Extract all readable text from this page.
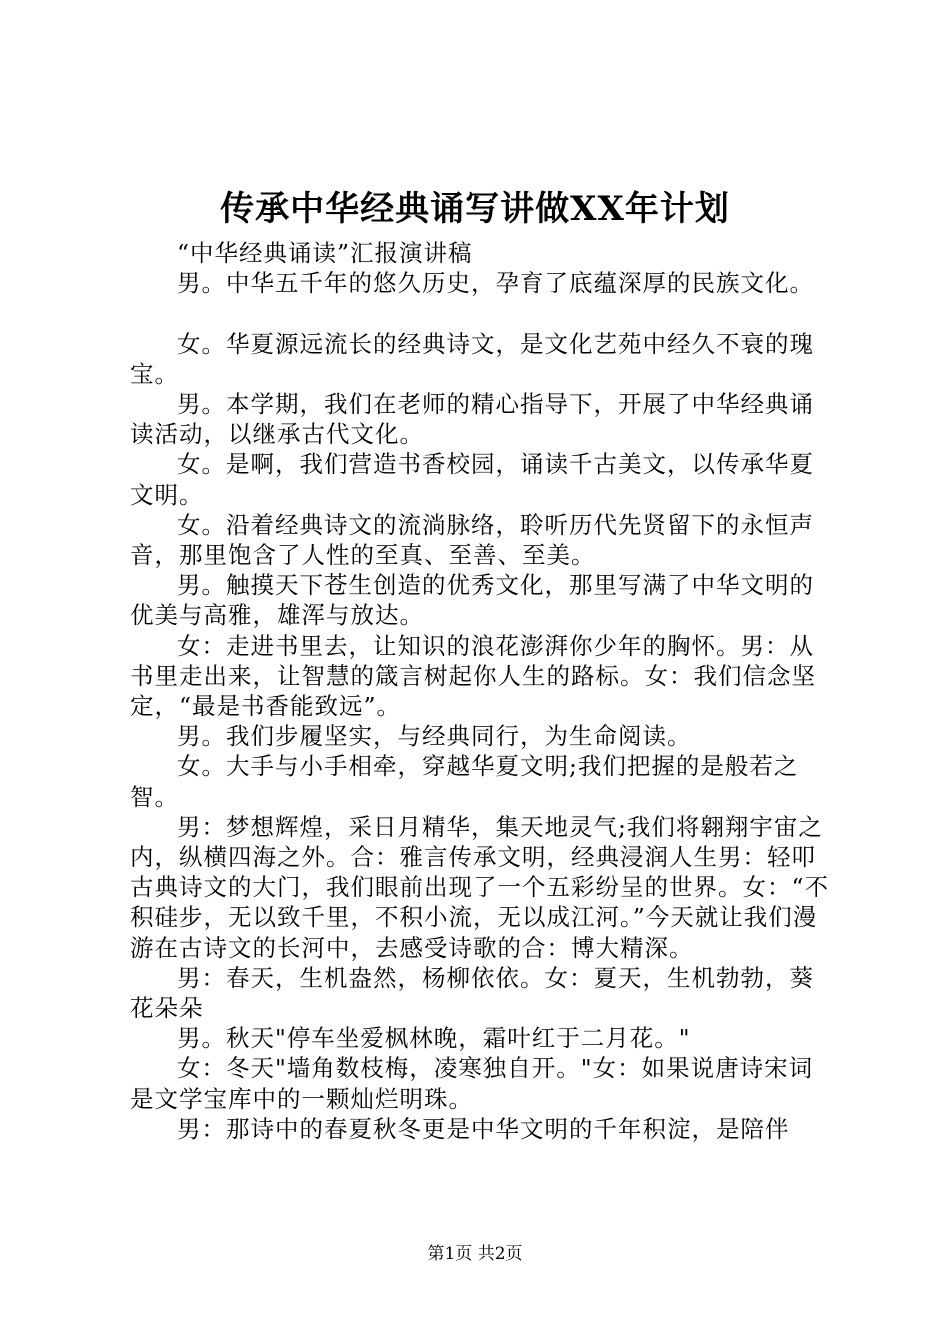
传承中华经典诵写讲做XX年计划

“中华经典诵读”汇报演讲稿

男。中华五千年的悠久历史，孕育了底蕴深厚的民族文化。

女。华夏源远流长的经典诗文，是文化艺苑中经久不衰的瑰宝。

男。本学期，我们在老师的精心指导下，开展了中华经典诵读活动，以继承古代文化。

女。是啊，我们营造书香校园，诵读千古美文，以传承华夏文明。

女。沿着经典诗文的流淌脉络，聆听历代先贤留下的永恒声音，那里饱含了人性的至真、至善、至美。

男。触摸天下苍生创造的优秀文化，那里写满了中华文明的优美与高雅，雄浑与放达。

女：走进书里去，让知识的浪花澎湃你少年的胸怀。男：从书里走出来，让智慧的箴言树起你人生的路标。女：我们信念坚定，“最是书香能致远”。

男。我们步履坚实，与经典同行，为生命阅读。

女。大手与小手相牵，穿越华夏文明;我们把握的是般若之智。

男：梦想辉煌，采日月精华，集天地灵气;我们将翱翔宇宙之内，纵横四海之外。合：雅言传承文明，经典浸润人生男：轻叩古典诗文的大门，我们眼前出现了一个五彩纷呈的世界。女：“不积硅步，无以致千里，不积小流，无以成江河。”今天就让我们漫游在古诗文的长河中，去感受诗歌的合：博大精深。

男：春天，生机盎然，杨柳依依。女：夏天，生机勃勃，葵花朵朵

男。秋天"停车坐爱枫林晚，霜叶红于二月花。"

女：冬天"墙角数枝梅，凌寒独自开。"女：如果说唐诗宋词是文学宝库中的一颗灿烂明珠。

男：那诗中的春夏秋冬更是中华文明的千年积淀，是陪伴

第1页 共2页
